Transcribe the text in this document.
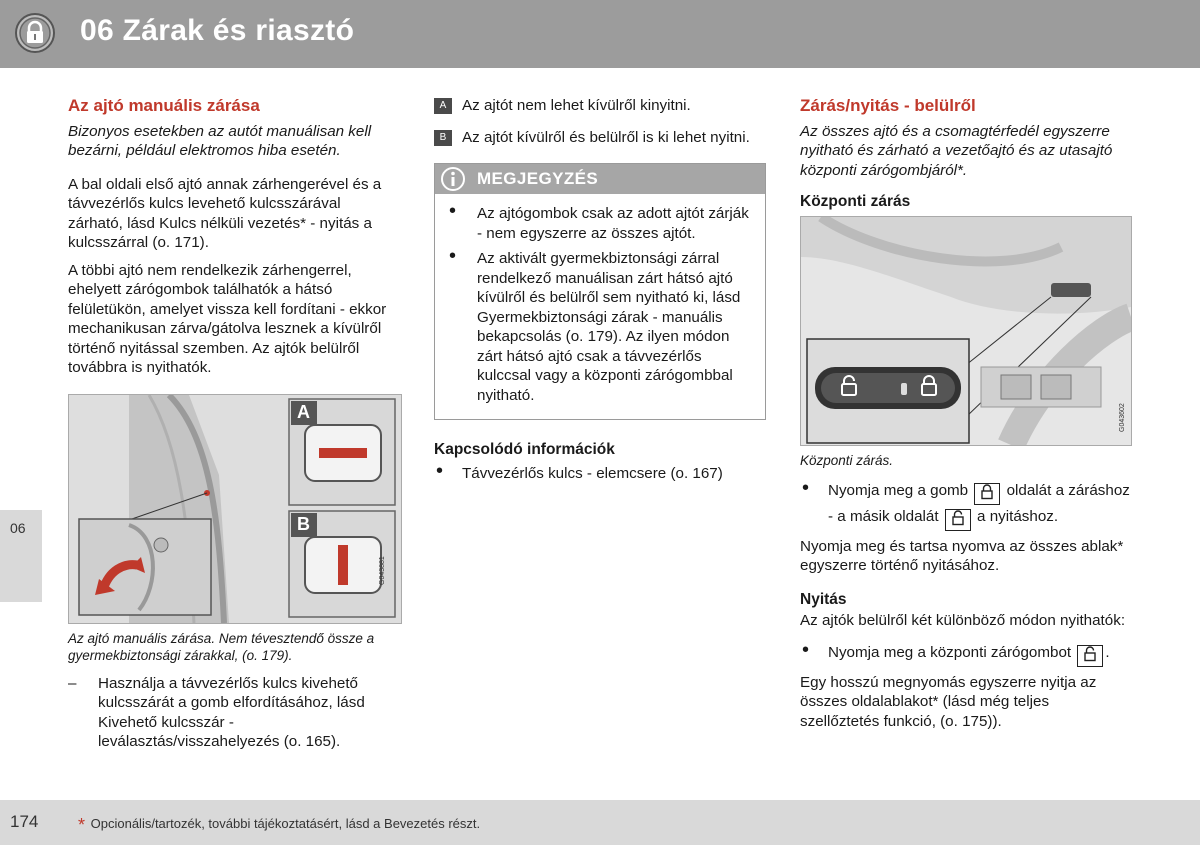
06 Zárak és riasztó
06
Az ajtó manuális zárása

Bizonyos esetekben az autót manuálisan kell bezárni, például elektromos hiba esetén.

A bal oldali első ajtó annak zárhengerével és a távvezérlős kulcs levehető kulcsszárával zárható, lásd Kulcs nélküli vezetés* - nyitás a kulcsszárral (o. 171).

A többi ajtó nem rendelkezik zárhengerrel, ehelyett zárógombok találhatók a hátsó felületükön, amelyet vissza kell fordítani - ekkor mechanikusan zárva/gátolva lesznek a kívülről történő nyitással szemben. Az ajtók belülről továbbra is nyithatók.

A
B
G043881
Az ajtó manuális zárása. Nem tévesztendő össze a gyermekbiztonsági zárakkal, (o. 179).
– Használja a távvezérlős kulcs kivehető kulcsszárát a gomb elfordításához, lásd Kivehető kulcsszár - leválasztás/visszahelyezés (o. 165).
A	Az ajtót nem lehet kívülről kinyitni.
B	Az ajtót kívülről és belülről is ki lehet nyitni.
MEGJEGYZÉS
• Az ajtógombok csak az adott ajtót zárják - nem egyszerre az összes ajtót.
• Az aktivált gyermekbiztonsági zárral rendelkező manuálisan zárt hátsó ajtó kívülről és belülről sem nyitható ki, lásd Gyermekbiztonsági zárak - manuális bekapcsolás (o. 179). Az ilyen módon zárt hátsó ajtó csak a távvezérlős kulccsal vagy a központi zárógombbal nyitható.
Kapcsolódó információk
• Távvezérlős kulcs - elemcsere (o. 167)
Zárás/nyitás - belülről

Az összes ajtó és a csomagtérfedél egyszerre nyitható és zárható a vezetőajtó és az utasajtó központi zárógombjáról*.

Központi zárás
G043602
Központi zárás.
• Nyomja meg a gomb	oldalát a záráshoz - a másik oldalát	a nyitáshoz.

Nyomja meg és tartsa nyomva az összes ablak* egyszerre történő nyitásához.

Nyitás

Az ajtók belülről két különböző módon nyithatók:

• Nyomja meg a központi zárógombot .

Egy hosszú megnyomás egyszerre nyitja az összes oldalablakot* (lásd még teljes szellőztetés funkció, (o. 175)).

174 * Opcionális/tartozék, további tájékoztatásért, lásd a Bevezetés részt.
